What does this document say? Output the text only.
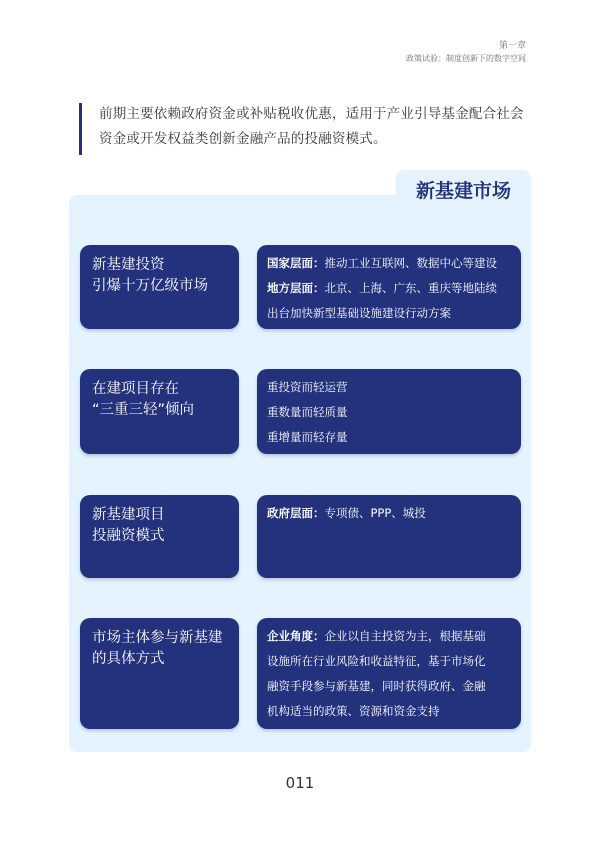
第一章
政策试验：制度创新下的数字空间
前期主要依赖政府资金或补贴税收优惠，适用于产业引导基金配合社会资金或开发权益类创新金融产品的投融资模式。
新基建市场
新基建投资
引爆十万亿级市场
国家层面：推动工业互联网、数据中心等建设
地方层面：北京、上海、广东、重庆等地陆续
出台加快新型基础设施建设行动方案
在建项目存在
“三重三轻”倾向
重投资而轻运营
重数量而轻质量
重增量而轻存量
新基建项目
投融资模式
政府层面：专项债、PPP、城投
市场主体参与新基建
的具体方式
企业角度：企业以自主投资为主，根据基础
设施所在行业风险和收益特征，基于市场化
融资手段参与新基建，同时获得政府、金融
机构适当的政策、资源和资金支持
011
